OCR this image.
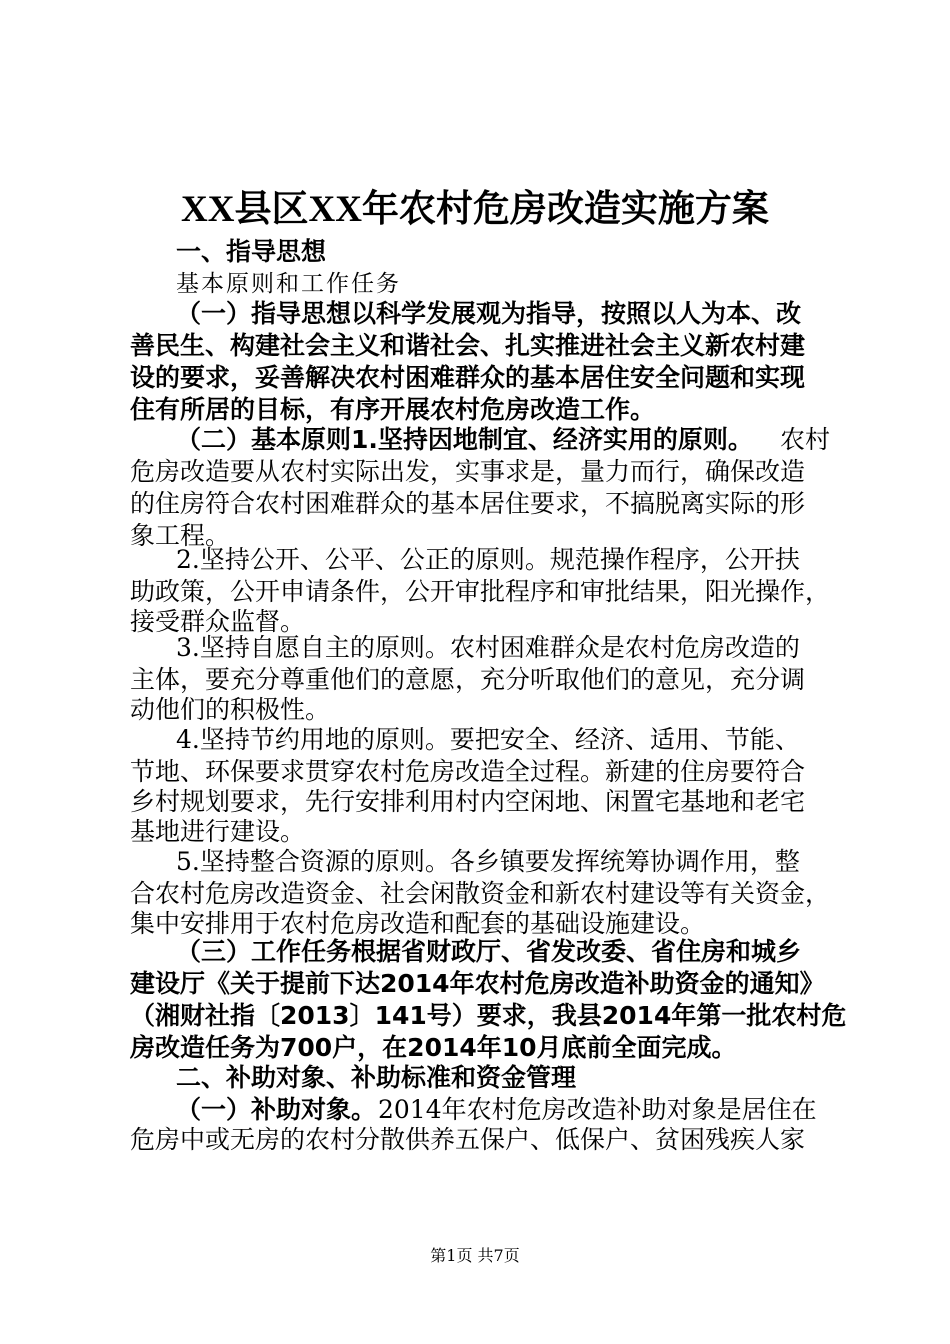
XX县区XX年农村危房改造实施方案
一、指导思想
基本原则和工作任务
（一）指导思想以科学发展观为指导，按照以人为本、改
善民生、构建社会主义和谐社会、扎实推进社会主义新农村建
设的要求，妥善解决农村困难群众的基本居住安全问题和实现
住有所居的目标，有序开展农村危房改造工作。
（二）基本原则1.坚持因地制宜、经济实用的原则。 农村
危房改造要从农村实际出发，实事求是，量力而行，确保改造
的住房符合农村困难群众的基本居住要求，不搞脱离实际的形
象工程。
2.坚持公开、公平、公正的原则。规范操作程序，公开扶
助政策，公开申请条件，公开审批程序和审批结果，阳光操作，
接受群众监督。
3.坚持自愿自主的原则。农村困难群众是农村危房改造的
主体，要充分尊重他们的意愿，充分听取他们的意见，充分调
动他们的积极性。
4.坚持节约用地的原则。要把安全、经济、适用、节能、
节地、环保要求贯穿农村危房改造全过程。新建的住房要符合
乡村规划要求，先行安排利用村内空闲地、闲置宅基地和老宅
基地进行建设。
5.坚持整合资源的原则。各乡镇要发挥统筹协调作用，整
合农村危房改造资金、社会闲散资金和新农村建设等有关资金，
集中安排用于农村危房改造和配套的基础设施建设。
（三）工作任务根据省财政厅、省发改委、省住房和城乡
建设厅《关于提前下达2014年农村危房改造补助资金的通知》
（湘财社指〔2013〕141号）要求，我县2014年第一批农村危
房改造任务为700户，在2014年10月底前全面完成。
二、补助对象、补助标准和资金管理
（一）补助对象。 2014年农村危房改造补助对象是居住在
危房中或无房的农村分散供养五保户、低保户、贫困残疾人家
第1页 共7页
